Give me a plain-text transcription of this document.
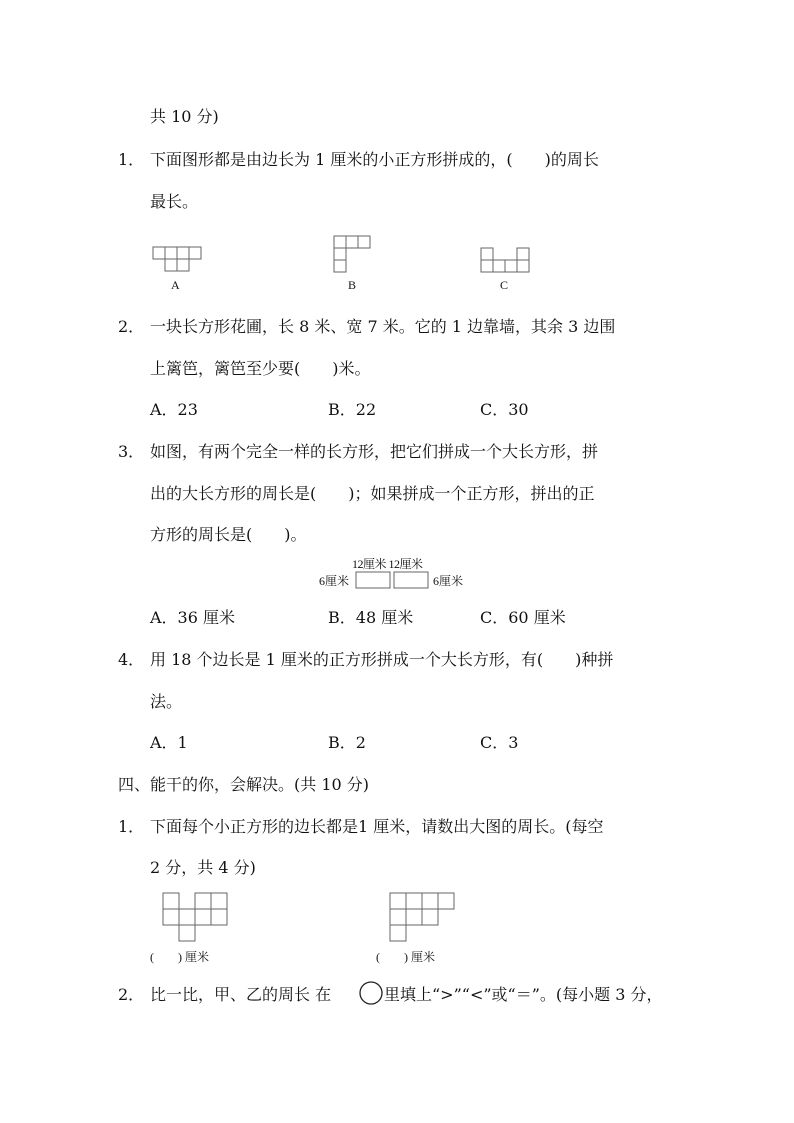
共 10 分)
1． 下面图形都是由边长为 1 厘米的小正方形拼成的，(　　)的周长
最长。
A	B	C
2． 一块长方形花圃，长 8 米、宽 7 米。它的 1 边靠墙，其余 3 边围
上篱笆，篱笆至少要(　　)米。
A．23	B．22	C．30
3． 如图，有两个完全一样的长方形，把它们拼成一个大长方形，拼
出的大长方形的周长是(　　)；如果拼成一个正方形，拼出的正
方形的周长是(　　)。
12厘米 12厘米
6厘米	6厘米
A．36 厘米	B．48 厘米	C．60 厘米
4． 用 18 个边长是 1 厘米的正方形拼成一个大长方形，有(　　)种拼
法。
A．1	B．2	C．3
四、能干的你，会解决。(共 10 分)
1． 下面每个小正方形的边长都是1 厘米，请数出大图的周长。(每空
2 分，共 4 分)
(　　) 厘米	(　　) 厘米
2． 比一比，甲、乙的周长 在	里填上“>”“<”或“＝”。(每小题 3 分，
